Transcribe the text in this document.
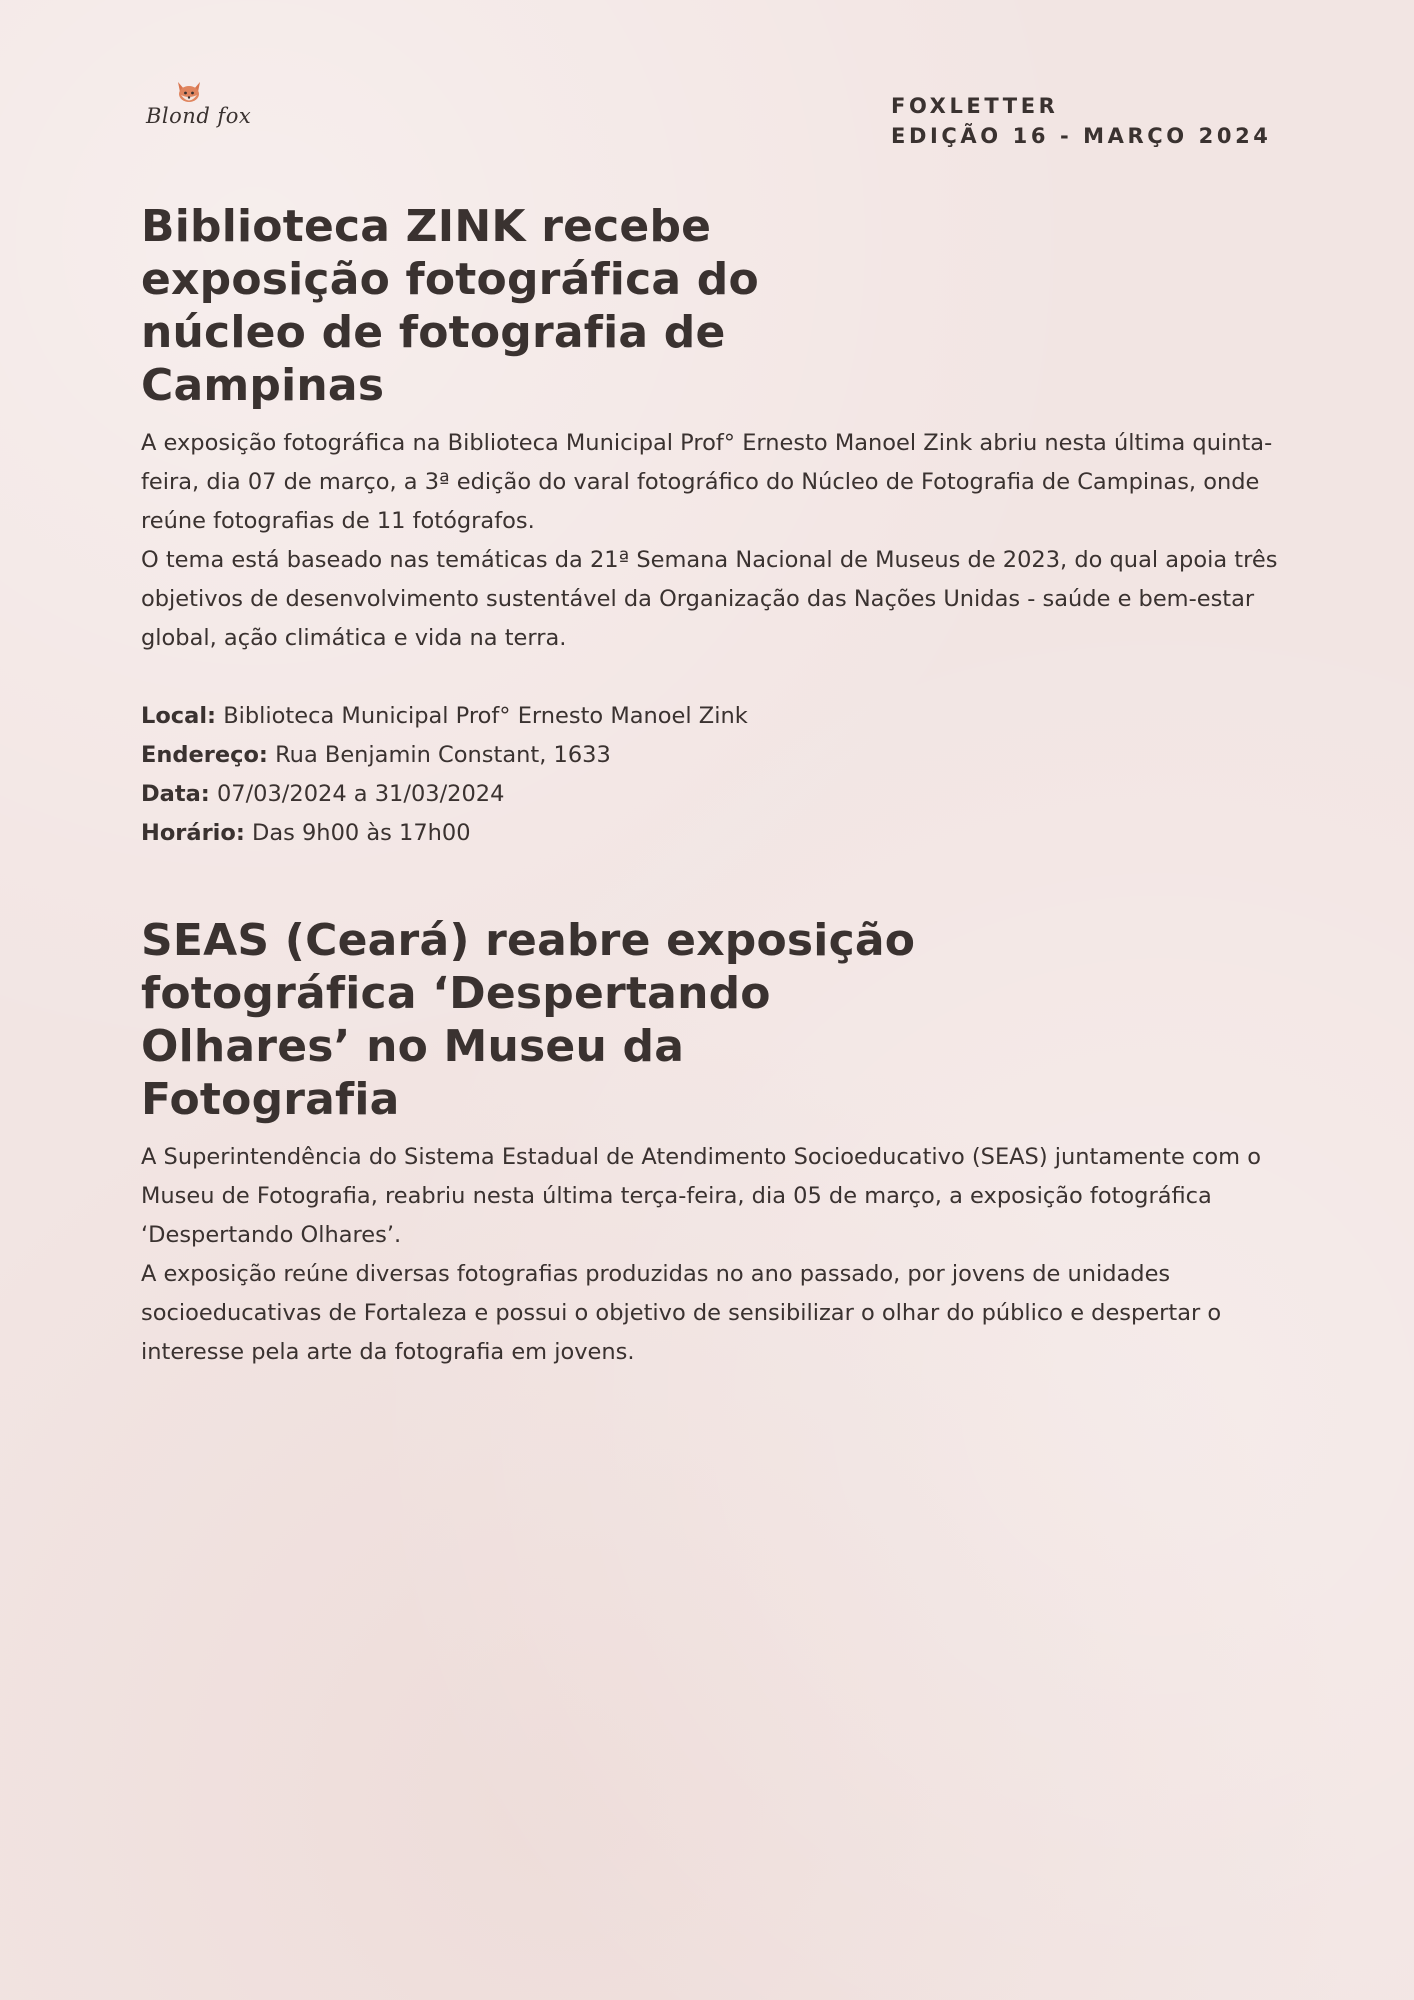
Blond fox	FOXLETTER
EDIÇÃO 16 - MARÇO 2024
Biblioteca ZINK recebe exposição fotográfica do núcleo de fotografia de Campinas

A exposição fotográfica na Biblioteca Municipal Prof° Ernesto Manoel Zink abriu nesta última quinta-feira, dia 07 de março, a 3ª edição do varal fotográfico do Núcleo de Fotografia de Campinas, onde reúne fotografias de 11 fotógrafos.

O tema está baseado nas temáticas da 21ª Semana Nacional de Museus de 2023, do qual apoia três objetivos de desenvolvimento sustentável da Organização das Nações Unidas - saúde e bem-estar global, ação climática e vida na terra.

Local: Biblioteca Municipal Prof° Ernesto Manoel Zink
Endereço: Rua Benjamin Constant, 1633
Data: 07/03/2024 a 31/03/2024
Horário: Das 9h00 às 17h00
SEAS (Ceará) reabre exposição fotográfica ‘Despertando Olhares’ no Museu da Fotografia

A Superintendência do Sistema Estadual de Atendimento Socioeducativo (SEAS) juntamente com o Museu de Fotografia, reabriu nesta última terça-feira, dia 05 de março, a exposição fotográfica ‘Despertando Olhares’.

A exposição reúne diversas fotografias produzidas no ano passado, por jovens de unidades socioeducativas de Fortaleza e possui o objetivo de sensibilizar o olhar do público e despertar o interesse pela arte da fotografia em jovens.
